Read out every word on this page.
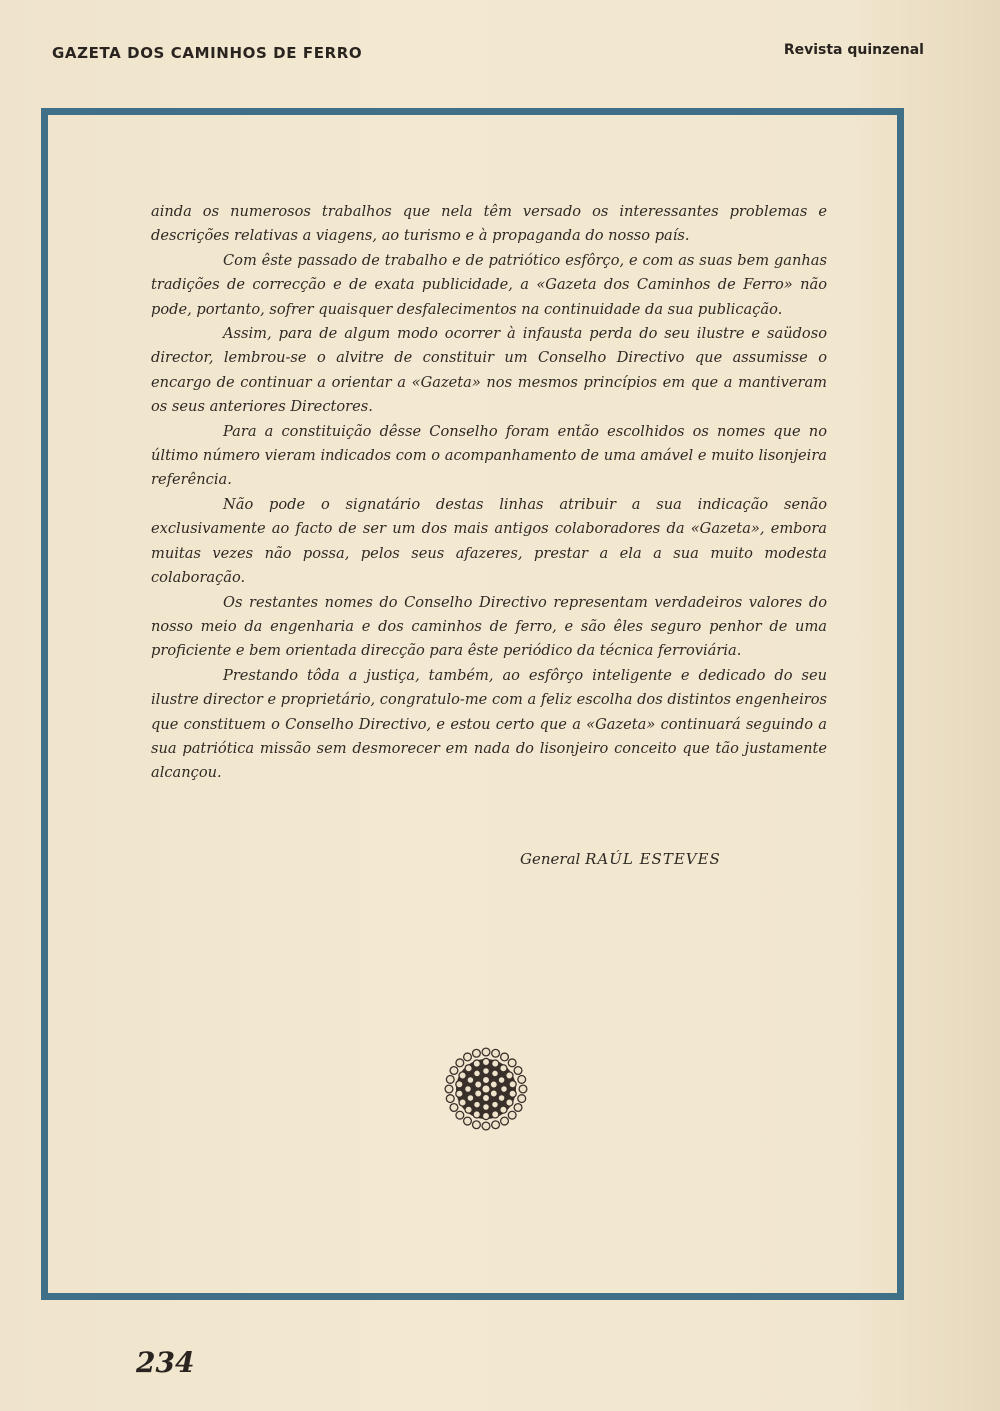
GAZETA DOS CAMINHOS DE FERRO	Revista quinzenal

ainda os numerosos trabalhos que nela têm versado os interessantes problemas e descrições relativas a viagens, ao turismo e à propaganda do nosso país.

Com êste passado de trabalho e de patriótico esfôrço, e com as suas bem ganhas tradições de correcção e de exata publicidade, a «Gazeta dos Caminhos de Ferro» não pode, portanto, sofrer quaisquer desfalecimentos na continuidade da sua publicação.

Assim, para de algum modo ocorrer à infausta perda do seu ilustre e saüdoso director, lembrou-se o alvitre de constituir um Conselho Directivo que assumisse o encargo de continuar a orientar a «Gazeta» nos mesmos princípios em que a mantiveram os seus anteriores Directores.

Para a constituição dêsse Conselho foram então escolhidos os nomes que no último número vieram indicados com o acompanhamento de uma amável e muito lisonjeira referência.

Não pode o signatário destas linhas atribuir a sua indicação senão exclusivamente ao facto de ser um dos mais antigos colaboradores da «Gazeta», embora muitas vezes não possa, pelos seus afazeres, prestar a ela a sua muito modesta colaboração.

Os restantes nomes do Conselho Directivo representam verdadeiros valores do nosso meio da engenharia e dos caminhos de ferro, e são êles seguro penhor de uma proficiente e bem orientada direcção para êste periódico da técnica ferroviária.

Prestando tôda a justiça, também, ao esfôrço inteligente e dedicado do seu ilustre director e proprietário, congratulo-me com a feliz escolha dos distintos engenheiros que constituem o Conselho Directivo, e estou certo que a «Gazeta» continuará seguindo a sua patriótica missão sem desmorecer em nada do lisonjeiro conceito que tão justamente alcançou.

General RAÚL ESTEVES
234
